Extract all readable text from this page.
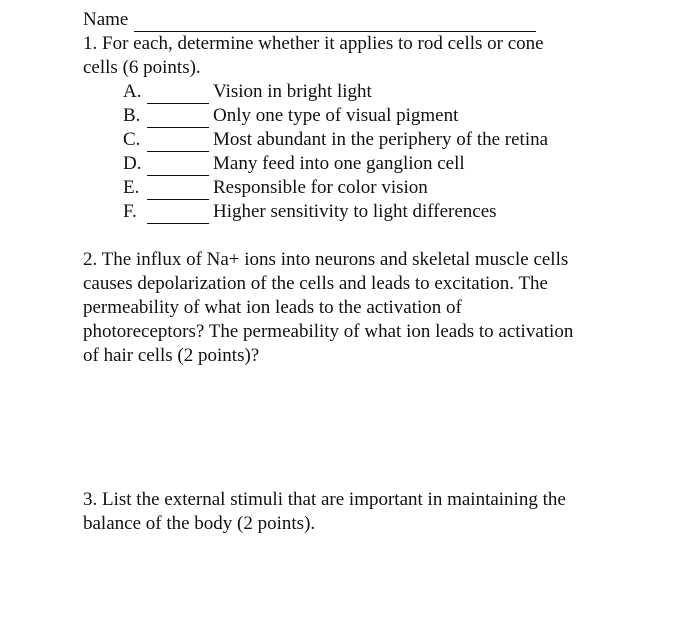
Name

1. For each, determine whether it applies to rod cells or cone

cells (6 points).

A.	Vision in bright light
B.	Only one type of visual pigment
C.	Most abundant in the periphery of the retina
D.	Many feed into one ganglion cell
E.	Responsible for color vision
F.	Higher sensitivity to light differences

2. The influx of Na+ ions into neurons and skeletal muscle cells

causes depolarization of the cells and leads to excitation. The

permeability of what ion leads to the activation of

photoreceptors? The permeability of what ion leads to activation

of hair cells (2 points)?

3. List the external stimuli that are important in maintaining the

balance of the body (2 points).
